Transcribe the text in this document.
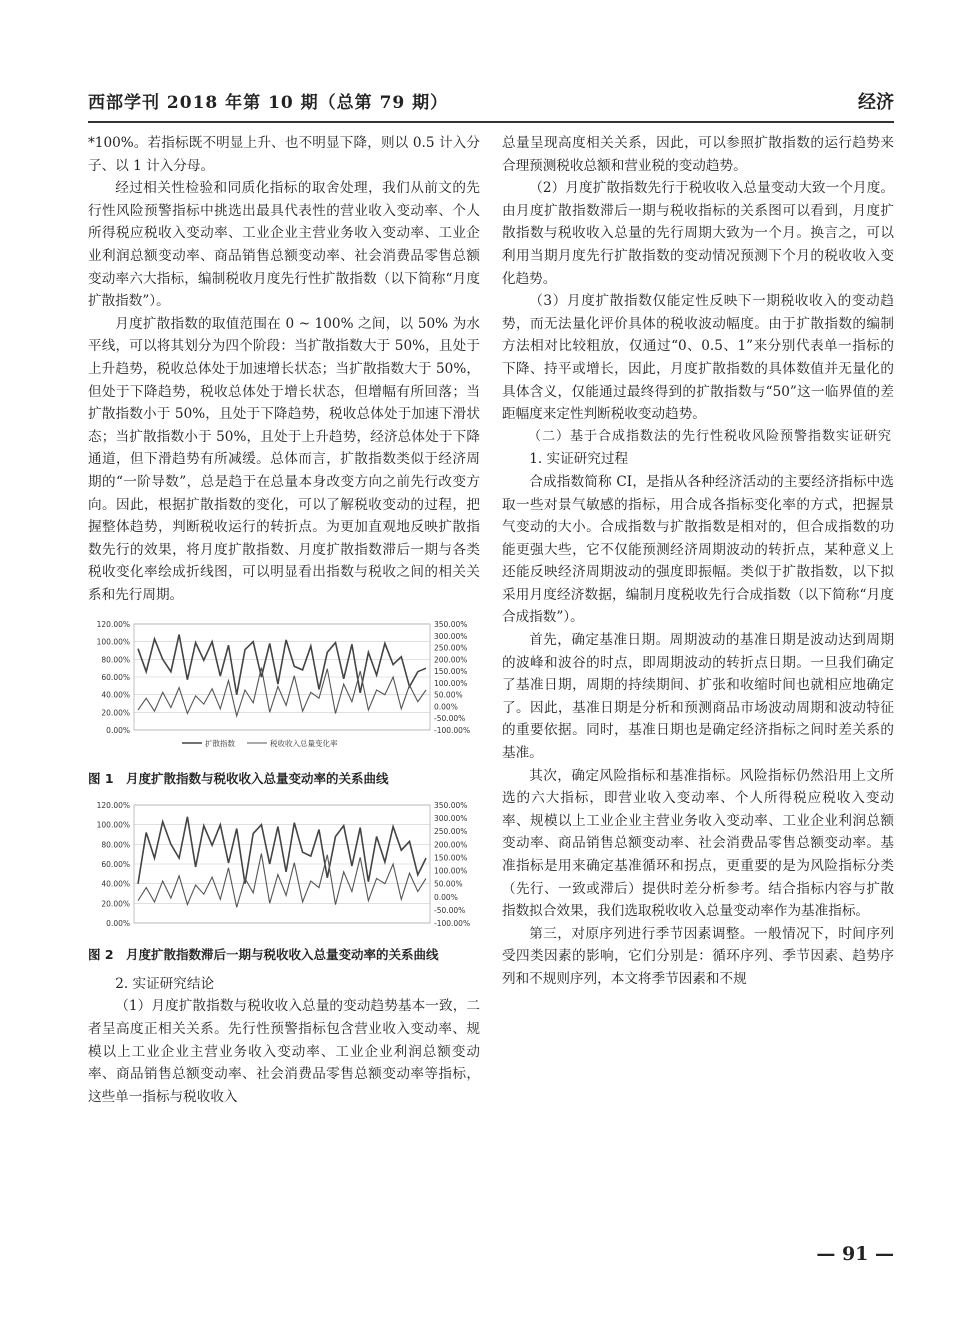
西部学刊 2018 年第 10 期（总第 79 期）	经济

*100%。若指标既不明显上升、也不明显下降，则以 0.5 计入分子、以 1 计入分母。

经过相关性检验和同质化指标的取舍处理，我们从前文的先行性风险预警指标中挑选出最具代表性的营业收入变动率、个人所得税应税收入变动率、工业企业主营业务收入变动率、工业企业利润总额变动率、商品销售总额变动率、社会消费品零售总额变动率六大指标，编制税收月度先行性扩散指数（以下简称“月度扩散指数”）。

月度扩散指数的取值范围在 0 ~ 100% 之间，以 50% 为水平线，可以将其划分为四个阶段：当扩散指数大于 50%，且处于上升趋势，税收总体处于加速增长状态；当扩散指数大于 50%，但处于下降趋势，税收总体处于增长状态，但增幅有所回落；当扩散指数小于 50%，且处于下降趋势，税收总体处于加速下滑状态；当扩散指数小于 50%，且处于上升趋势，经济总体处于下降通道，但下滑趋势有所减缓。总体而言，扩散指数类似于经济周期的“一阶导数”，总是趋于在总量本身改变方向之前先行改变方向。因此，根据扩散指数的变化，可以了解税收变动的过程，把握整体趋势，判断税收运行的转折点。为更加直观地反映扩散指数先行的效果，将月度扩散指数、月度扩散指数滞后一期与各类税收变化率绘成折线图，可以明显看出指数与税收之间的相关关系和先行周期。

120.00%
100.00%
80.00%
60.00%
40.00%
20.00%
0.00%
350.00%
300.00%
250.00%
200.00%
150.00%
100.00%
50.00%
0.00%
-50.00%
-100.00%
扩散指数	税收收入总量变化率
图 1　月度扩散指数与税收收入总量变动率的关系曲线
120.00%
100.00%
80.00%
60.00%
40.00%
20.00%
0.00%
350.00%
300.00%
250.00%
200.00%
150.00%
100.00%
50.00%
0.00%
-50.00%
-100.00%
图 2　月度扩散指数滞后一期与税收收入总量变动率的关系曲线

2. 实证研究结论

（1）月度扩散指数与税收收入总量的变动趋势基本一致，二者呈高度正相关关系。先行性预警指标包含营业收入变动率、规模以上工业企业主营业务收入变动率、工业企业利润总额变动率、商品销售总额变动率、社会消费品零售总额变动率等指标，这些单一指标与税收收入

总量呈现高度相关关系，因此，可以参照扩散指数的运行趋势来合理预测税收总额和营业税的变动趋势。

（2）月度扩散指数先行于税收收入总量变动大致一个月度。由月度扩散指数滞后一期与税收指标的关系图可以看到，月度扩散指数与税收收入总量的先行周期大致为一个月。换言之，可以利用当期月度先行扩散指数的变动情况预测下个月的税收收入变化趋势。

（3）月度扩散指数仅能定性反映下一期税收收入的变动趋势，而无法量化评价具体的税收波动幅度。由于扩散指数的编制方法相对比较粗放，仅通过“0、0.5、1”来分别代表单一指标的下降、持平或增长，因此，月度扩散指数的具体数值并无量化的具体含义，仅能通过最终得到的扩散指数与“50”这一临界值的差距幅度来定性判断税收变动趋势。

（二）基于合成指数法的先行性税收风险预警指数实证研究

1. 实证研究过程

合成指数简称 CI，是指从各种经济活动的主要经济指标中选取一些对景气敏感的指标，用合成各指标变化率的方式，把握景气变动的大小。合成指数与扩散指数是相对的，但合成指数的功能更强大些，它不仅能预测经济周期波动的转折点，某种意义上还能反映经济周期波动的强度即振幅。类似于扩散指数，以下拟采用月度经济数据，编制月度税收先行合成指数（以下简称“月度合成指数”）。

首先，确定基准日期。周期波动的基准日期是波动达到周期的波峰和波谷的时点，即周期波动的转折点日期。一旦我们确定了基准日期，周期的持续期间、扩张和收缩时间也就相应地确定了。因此，基准日期是分析和预测商品市场波动周期和波动特征的重要依据。同时，基准日期也是确定经济指标之间时差关系的基准。

其次，确定风险指标和基准指标。风险指标仍然沿用上文所选的六大指标，即营业收入变动率、个人所得税应税收入变动率、规模以上工业企业主营业务收入变动率、工业企业利润总额变动率、商品销售总额变动率、社会消费品零售总额变动率。基准指标是用来确定基准循环和拐点，更重要的是为风险指标分类（先行、一致或滞后）提供时差分析参考。结合指标内容与扩散指数拟合效果，我们选取税收收入总量变动率作为基准指标。

第三，对原序列进行季节因素调整。一般情况下，时间序列受四类因素的影响，它们分别是：循环序列、季节因素、趋势序列和不规则序列，本文将季节因素和不规

— 91 —
